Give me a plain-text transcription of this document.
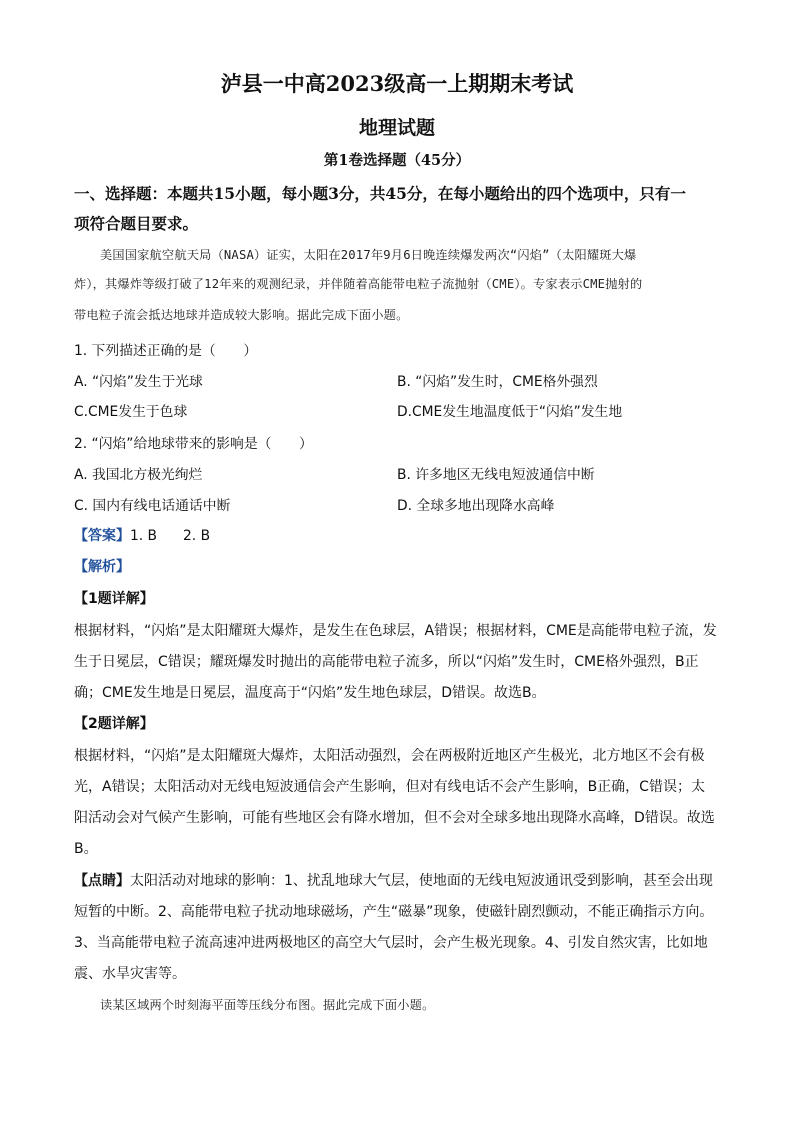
泸县一中高2023级高一上期期末考试
地理试题
第1卷选择题（45分）
一、选择题：本题共15小题，每小题3分，共45分，在每小题给出的四个选项中，只有一
项符合题目要求。
美国国家航空航天局（NASA）证实，太阳在2017年9月6日晚连续爆发两次“闪焰”（太阳耀斑大爆
炸），其爆炸等级打破了12年来的观测纪录，并伴随着高能带电粒子流抛射（CME）。专家表示CME抛射的
带电粒子流会抵达地球并造成较大影响。据此完成下面小题。
1. 下列描述正确的是（　　）
A. “闪焰”发生于光球	B. “闪焰”发生时，CME格外强烈
C.CME发生于色球	D.CME发生地温度低于“闪焰”发生地
2. “闪焰”给地球带来的影响是（　　）
A. 我国北方极光绚烂	B. 许多地区无线电短波通信中断
C. 国内有线电话通话中断	D. 全球多地出现降水高峰
【答案】1. B 2. B
【解析】
【1题详解】
根据材料，“闪焰”是太阳耀斑大爆炸，是发生在色球层，A错误；根据材料，CME是高能带电粒子流，发
生于日冕层，C错误；耀斑爆发时抛出的高能带电粒子流多，所以“闪焰”发生时，CME格外强烈，B正
确；CME发生地是日冕层，温度高于“闪焰”发生地色球层，D错误。故选B。
【2题详解】
根据材料，“闪焰”是太阳耀斑大爆炸，太阳活动强烈，会在两极附近地区产生极光，北方地区不会有极
光，A错误；太阳活动对无线电短波通信会产生影响，但对有线电话不会产生影响，B正确，C错误；太
阳活动会对气候产生影响，可能有些地区会有降水增加，但不会对全球多地出现降水高峰，D错误。故选
B。
【点睛】太阳活动对地球的影响：1、扰乱地球大气层，使地面的无线电短波通讯受到影响，甚至会出现
短暂的中断。2、高能带电粒子扰动地球磁场，产生“磁暴”现象，使磁针剧烈颤动，不能正确指示方向。
3、当高能带电粒子流高速冲进两极地区的高空大气层时，会产生极光现象。4、引发自然灾害，比如地
震、水旱灾害等。
读某区域两个时刻海平面等压线分布图。据此完成下面小题。
